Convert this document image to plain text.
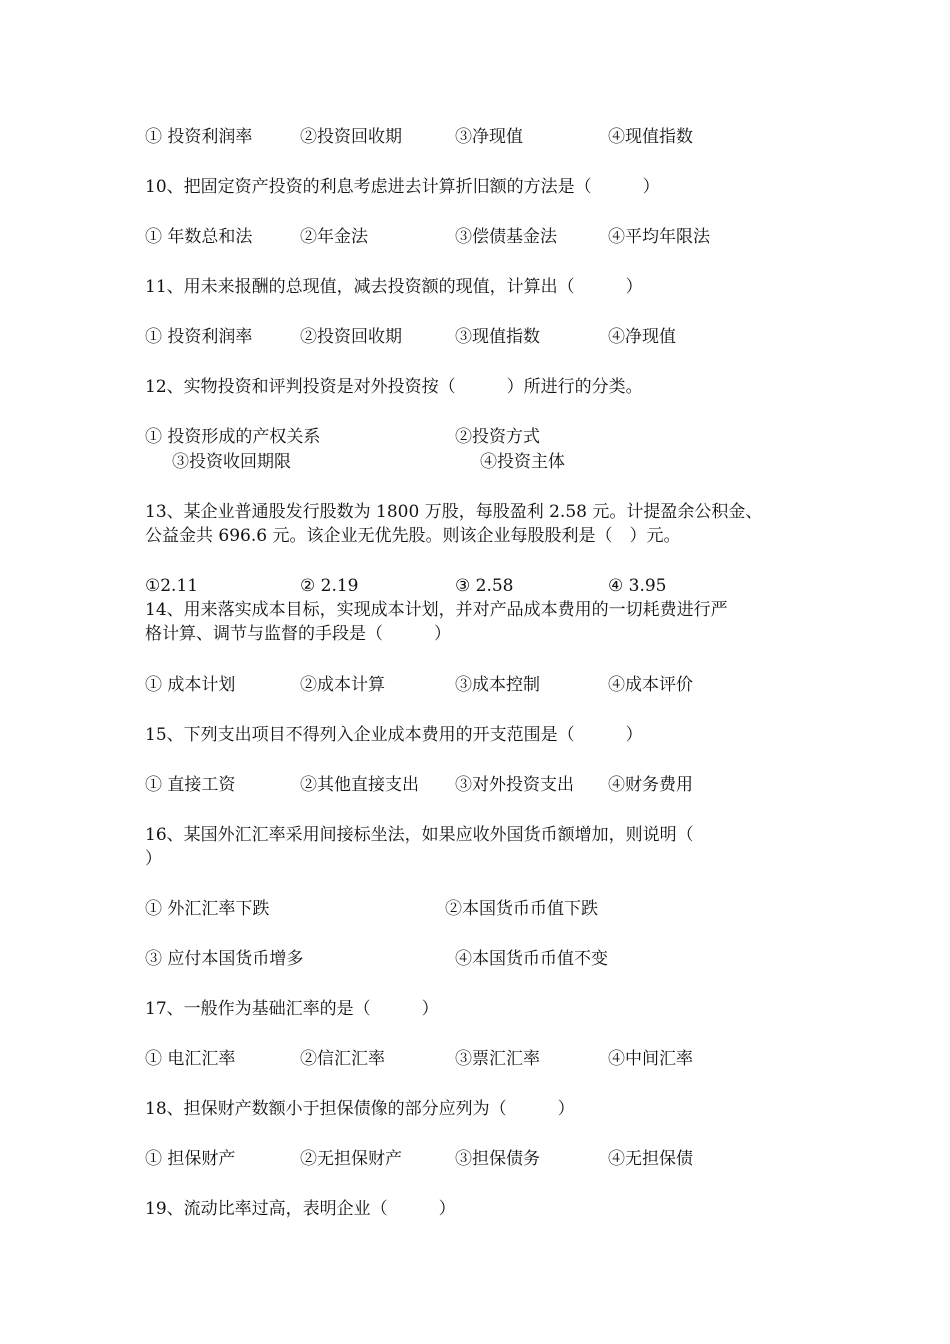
① 投资利润率	②投资回收期	③净现值	④现值指数
10、把固定资产投资的利息考虑进去计算折旧额的方法是（　　　）
① 年数总和法	②年金法	③偿债基金法	④平均年限法
11、用未来报酬的总现值，减去投资额的现值，计算出（　　　）
① 投资利润率	②投资回收期	③现值指数	④净现值
12、实物投资和评判投资是对外投资按（　　　）所进行的分类。
① 投资形成的产权关系	②投资方式
③投资收回期限	④投资主体
13、某企业普通股发行股数为 1800 万股，每股盈利 2.58 元。计提盈余公积金、
公益金共 696.6 元。该企业无优先股。则该企业每股股利是（　）元。
①2.11	② 2.19	③ 2.58	④ 3.95
14、用来落实成本目标，实现成本计划，并对产品成本费用的一切耗费进行严
格计算、调节与监督的手段是（　　　）
① 成本计划	②成本计算	③成本控制	④成本评价
15、下列支出项目不得列入企业成本费用的开支范围是（　　　）
① 直接工资	②其他直接支出 ③对外投资支出 ④财务费用
16、某国外汇汇率采用间接标坐法，如果应收外国货币额增加，则说明（
）
① 外汇汇率下跌	②本国货币币值下跌
③ 应付本国货币增多	④本国货币币值不变
17、一般作为基础汇率的是（　　　）
① 电汇汇率	②信汇汇率	③票汇汇率	④中间汇率
18、担保财产数额小于担保债像的部分应列为（　　　）
① 担保财产	②无担保财产	③担保债务	④无担保债
19、流动比率过高，表明企业（　　　）
